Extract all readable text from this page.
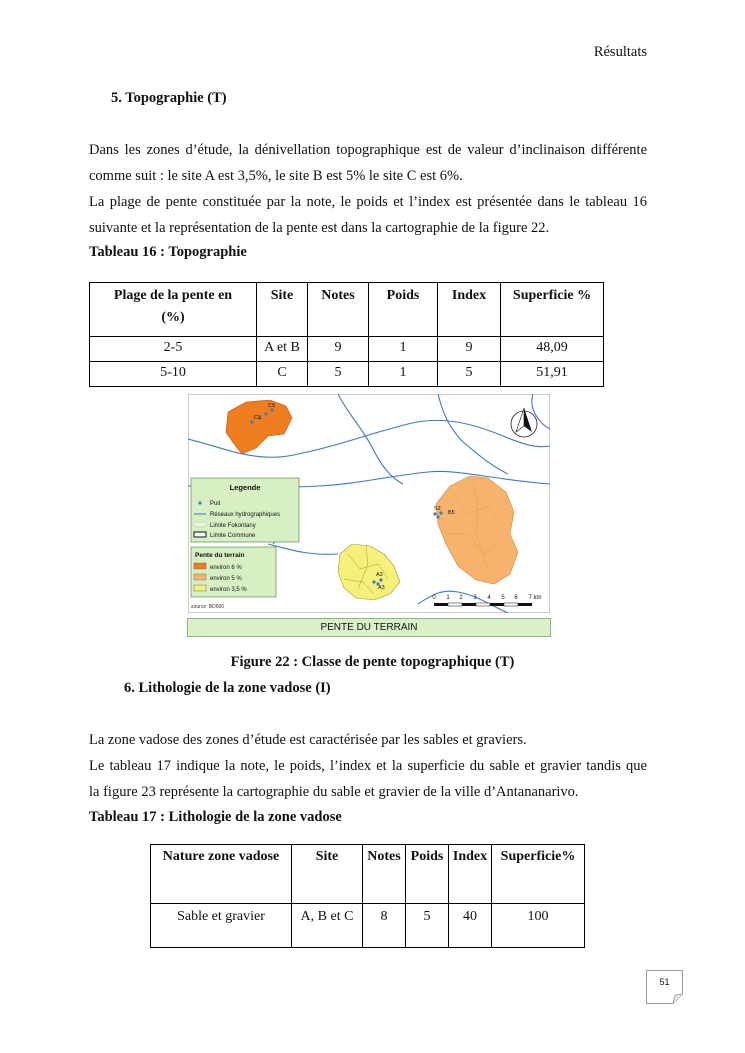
Résultats
5. Topographie (T)
Dans les zones d’étude, la dénivellation topographique est de valeur d’inclinaison différente
comme suit : le site A est 3,5%, le site B est 5% le site C est 6%.
La plage de pente constituée par la note, le poids et l’index est présentée dans le tableau 16
suivante et la représentation de la pente est dans la cartographie de la figure 22.
Tableau 16 : Topographie
Plage de la pente en
(%)	Site	Notes	Poids	Index	Superficie %
2-5	A et B	9	1	9	48,09
5-10	C	5	1	5	51,91
C1
C5
S2
B5
A3
A3
Legende
Puit
Réseaux hydrographiques
Limite Fokontany
Limite Commune
Pente du terrain
environ 6 %
environ 5 %
environ 3,5 %
source: BD500
0 1 2 3 4 5 6 7 km
PENTE DU TERRAIN
Figure 22 : Classe de pente topographique (T)
6. Lithologie de la zone vadose (I)
La zone vadose des zones d’étude est caractérisée par les sables et graviers.
Le tableau 17 indique la note, le poids, l’index et la superficie du sable et gravier tandis que
la figure 23 représente la cartographie du sable et gravier de la ville d’Antananarivo.
Tableau 17 : Lithologie de la zone vadose
Nature zone vadose	Site	Notes	Poids	Index	Superficie%
Sable et gravier	A, B et C	8	5	40	100
51
